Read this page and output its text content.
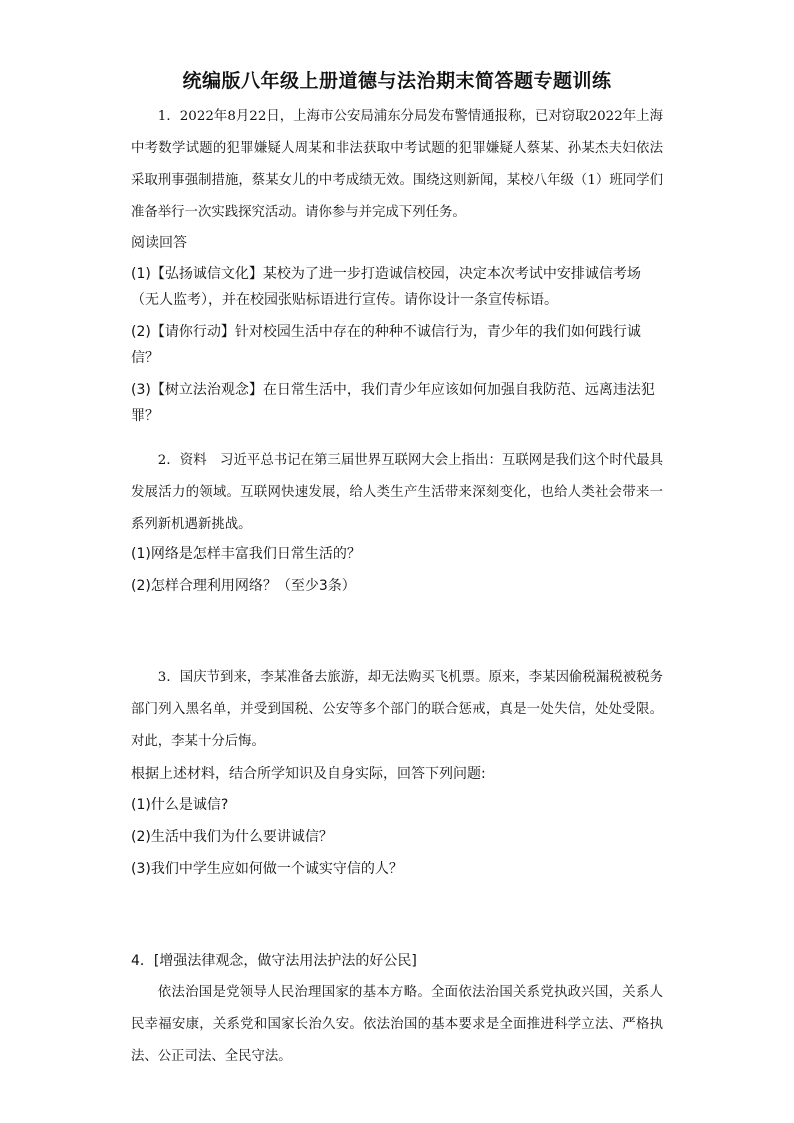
统编版八年级上册道德与法治期末简答题专题训练

1．2022年8月22日，上海市公安局浦东分局发布警情通报称，已对窃取2022年上海中考数学试题的犯罪嫌疑人周某和非法获取中考试题的犯罪嫌疑人蔡某、孙某杰夫妇依法采取刑事强制措施，蔡某女儿的中考成绩无效。围绕这则新闻，某校八年级（1）班同学们准备举行一次实践探究活动。请你参与并完成下列任务。

阅读回答

(1)【弘扬诚信文化】某校为了进一步打造诚信校园，决定本次考试中安排诚信考场（无人监考），并在校园张贴标语进行宣传。请你设计一条宣传标语。

(2)【请你行动】针对校园生活中存在的种种不诚信行为，青少年的我们如何践行诚信？

(3)【树立法治观念】在日常生活中，我们青少年应该如何加强自我防范、远离违法犯罪？

2．资料　习近平总书记在第三届世界互联网大会上指出：互联网是我们这个时代最具发展活力的领域。互联网快速发展，给人类生产生活带来深刻变化，也给人类社会带来一系列新机遇新挑战。

(1)网络是怎样丰富我们日常生活的？

(2)怎样合理利用网络？（至少3条）

3．国庆节到来，李某准备去旅游，却无法购买飞机票。原来，李某因偷税漏税被税务部门列入黑名单，并受到国税、公安等多个部门的联合惩戒，真是一处失信，处处受限。对此，李某十分后悔。

根据上述材料，结合所学知识及自身实际，回答下列问题:

(1)什么是诚信?

(2)生活中我们为什么要讲诚信？

(3)我们中学生应如何做一个诚实守信的人？

4．[增强法律观念，做守法用法护法的好公民]

依法治国是党领导人民治理国家的基本方略。全面依法治国关系党执政兴国，关系人民幸福安康，关系党和国家长治久安。依法治国的基本要求是全面推进科学立法、严格执法、公正司法、全民守法。
